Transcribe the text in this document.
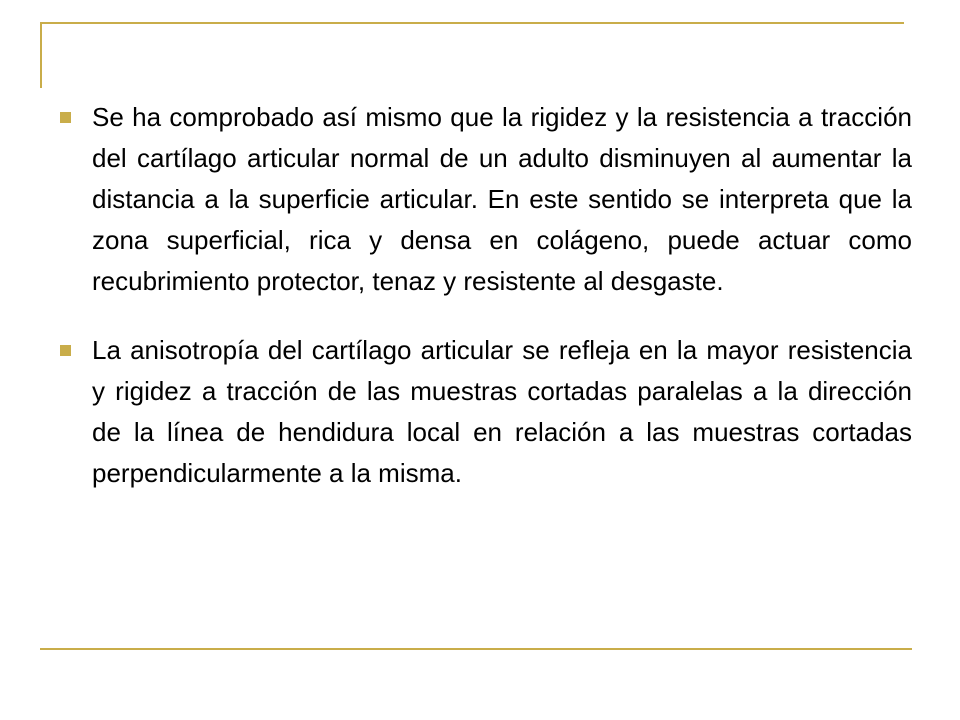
Se ha comprobado así mismo que la rigidez y la resistencia a tracción del cartílago articular normal de un adulto disminuyen al aumentar la distancia a la superficie articular. En este sentido se interpreta que la zona superficial, rica y densa en colágeno, puede actuar como recubrimiento protector, tenaz y resistente al desgaste.
La anisotropía del cartílago articular se refleja en la mayor resistencia y rigidez a tracción de las muestras cortadas paralelas a la dirección de la línea de hendidura local en relación a las muestras cortadas perpendicularmente a la misma.
